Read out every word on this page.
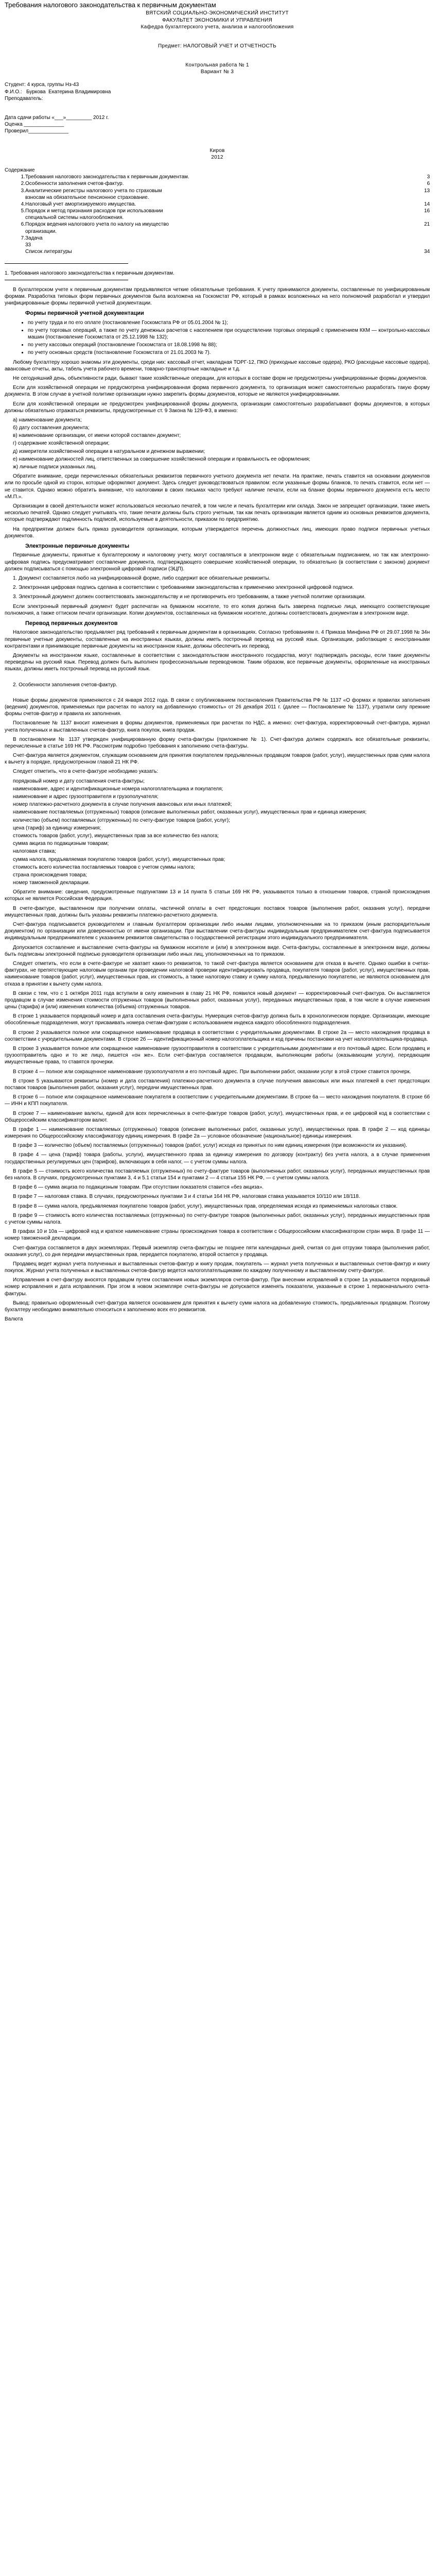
Требования налогового законодательства к первичным документам

ВЯТСКИЙ СОЦИАЛЬНО-ЭКОНОМИЧЕСКИЙ ИНСТИТУТ

ФАКУЛЬТЕТ ЭКОНОМИКИ И УПРАВЛЕНИЯ

Кафедра бухгалтерского учета, анализа и налогообложения

Предмет: НАЛОГОВЫЙ УЧЕТ И ОТЧЕТНОСТЬ

Контрольная работа № 1

Вариант № 3

Студент: 4 курса, группы Нз-43

Ф.И.О.:   Буркова  Екатерина Владимировна

Преподаватель:

Дата сдачи работы «___»_________ 2012 г.

Оценка ______________

Проверил______________

Киров

2012

Содержание

1. Требования налогового законодательства к первичным документам.	3
2. Особенности заполнения счетов-фактур.	6
3. Аналитические регистры налогового учета по страховым	13
взносам на обязательное пенсионное страхование.
4. Налоговый учет амортизируемого имущества.	14
5. Порядок и метод признания расходов при использовании	16
специальной системы налогообложения.
6. Порядок ведения налогового учета по налогу на имущество	21
организации.
7. Задача
33
Список литературы	34

1. Требования налогового законодательства к первичным документам.

В бухгалтерском учете к первичным документам предъявляются четкие обязательные требования. К учету принимаются документы, составленные по унифицированным формам. Разработка типовых форм первичных документов была возложена на Госкомстат РФ, который в рамках возложенных на него полномочий разработал и утвердил унифицированные формы первичной учетной документации.

Формы первичной учетной документации
• по учету труда и по его оплате (постановление Госкомстата РФ от 05.01.2004 № 1);
• по учету торговых операций, а также по учету денежных расчетов с населением при осуществлении торговых операций с применением ККМ — контрольно-кассовых машин (постановление Госкомстата от 25.12.1998 № 132);
• по учету кассовых операций (постановление Госкомстата от 18.08.1998 № 88);
• по учету основных средств (постановление Госкомстата от 21.01.2003 № 7).

Любому бухгалтеру хорошо знакомы эти документы, среди них: кассовый отчет, накладная ТОРГ-12, ПКО (приходные кассовые ордера), РКО (расходные кассовые ордера), авансовые отчеты, акты, табель учета рабочего времени, товарно-транспортные накладные и т.д.

Не сегодняшний день, объективности ради, бывают такие хозяйственные операции, для которых в составе форм не предусмотрены унифицированные формы документов.

Если для хозяйственной операции не предусмотрена унифицированная форма первичного документа, то организация может самостоятельно разработать такую форму документа. В этом случае в учетной политике организации нужно закрепить формы документов, которые не являются унифицированными.

Если для хозяйственной операции не предусмотрен унифицированной формы документа, организации самостоятельно разрабатывают формы документов, в которых должны обязательно отражаться реквизиты, предусмотренные ст. 9 Закона № 129-ФЗ, в именно:

а) наименование документа;
б) дату составления документа;
в) наименование организации, от имени которой составлен документ;
г) содержание хозяйственной операции;
д) измерители хозяйственной операции в натуральном и денежном выражении;
е) наименование должностей лиц, ответственных за совершение хозяйственной операции и правильность ее оформления;
ж) личные подписи указанных лиц.

Обратите внимание, среди перечисленных обязательных реквизитов первичного учетного документа нет печати. На практике, печать ставится на основании документов или по просьбе одной из сторон, которые оформляют документ. Здесь следует руководствоваться правилом: если указанные формы бланков, то печать ставится, если нет — не ставится. Однако можно обратить внимание, что налоговики в своих письмах часто требуют наличие печати, если на бланке формы первичного документа есть место «М.П.».

Организации в своей деятельности может использоваться несколько печатей, в том числе и печать бухгалтерии или склада. Закон не запрещает организации, также иметь несколько печатей. Однако следует учитывать что, такие печати должны быть строго учетным, так как печать организации является одним из основных реквизитов документа, которые подтверждают подлинность подписей, используемые в деятельности, приказом по предприятию.

На предприятии должен быть приказ руководителя организации, которым утверждается перечень должностных лиц, имеющих право подписи первичных учетных документов.

Электронные первичные документы

Первичные документы, принятые к бухгалтерскому и налоговому учету, могут составляться в электронном виде с обязательным подписанием, но так как электронно-цифровая подпись предусматривает составление документа, подтверждающего совершение хозяйственной операции, то обязательно (в соответствии с законом) документ должен подписываться с помощью электронной цифровой подписи (ЭЦП).

1. Документ составляется любо на унифицированной форме, либо содержит все обязательные реквизиты.

2. Электронная цифровая подпись сделана в соответствии с требованиями законодательства к применению электронной цифровой подписи.

3. Электронный документ должен соответствовать законодательству и не противоречить его требованиям, а также учетной политике организации.

Если электронный первичный документ будет распечатан на бумажном носителе, то его копия должна быть заверена подписью лица, имеющего соответствующие полномочия, а также оттиском печати организации. Копии документов, составленных на бумажном носителе, должны соответствовать документам в электронном виде.

Перевод первичных документов

Налоговое законодательство предъявляет ряд требований к первичным документам в организациях. Согласно требованиям п. 4 Приказа Минфина РФ от 29.07.1998 № 34н первичные учетные документы, составленные на иностранных языках, должны иметь построчный перевод на русский язык. Организации, работающие с иностранными контрагентами и принимающие первичные документы на иностранном языке, должны обеспечить их перевод.

Документы на иностранном языке, составленные в соответствии с законодательством иностранного государства, могут подтверждать расходы, если такие документы переведены на русский язык. Перевод должен быть выполнен профессиональным переводчиком. Таким образом, все первичные документы, оформленные на иностранных языках, должны иметь построчный перевод на русский язык.

2. Особенности заполнения счетов-фактур.

Новые формы документов применяются с 24 января 2012 года. В связи с опубликованием постановления Правительства РФ № 1137 «О формах и правилах заполнения (ведения) документов, применяемых при расчетах по налогу на добавленную стоимость» от 26 декабря 2011 г. (далее — Постановление № 1137), утратили силу прежние формы счетов-фактур и правила их заполнения.

Постановление № 1137 вносит изменения в формы документов, применяемых при расчетах по НДС, а именно: счет-фактура, корректировочный счет-фактура, журнал учета полученных и выставленных счетов-фактур, книга покупок, книга продаж.

В постановлении № 1137 утвержден унифицированную форму счета-фактуры (приложение № 1). Счет-фактура должен содержать все обязательные реквизиты, перечисленные в статье 169 НК РФ. Рассмотрим подробно требования к заполнению счета-фактуры.

Счет-фактура является документом, служащим основанием для принятия покупателем предъявленных продавцом товаров (работ, услуг), имущественных прав сумм налога к вычету в порядке, предусмотренном главой 21 НК РФ.

Следует отметить, что в счете-фактуре необходимо указать:

порядковый номер и дату составления счета-фактуры;
наименование, адрес и идентификационные номера налогоплательщика и покупателя;
наименование и адрес грузоотправителя и грузополучателя;
номер платежно-расчетного документа в случае получения авансовых или иных платежей;
наименование поставляемых (отгруженных) товаров (описание выполненных работ, оказанных услуг), имущественных прав и единица измерения;
количество (объем) поставляемых (отгруженных) по счету-фактуре товаров (работ, услуг);
цена (тариф) за единицу измерения;
стоимость товаров (работ, услуг), имущественных прав за все количество без налога;
сумма акциза по подакцизным товарам;
налоговая ставка;
сумма налога, предъявляемая покупателю товаров (работ, услуг), имущественных прав;
стоимость всего количества поставляемых товаров с учетом суммы налога;
страна происхождения товара;
номер таможенной декларации.

Обратите внимание: сведения, предусмотренные подпунктами 13 и 14 пункта 5 статьи 169 НК РФ, указываются только в отношении товаров, страной происхождения которых не является Российская Федерация.

В счете-фактуре, выставленном при получении оплаты, частичной оплаты в счет предстоящих поставок товаров (выполнения работ, оказания услуг), передачи имущественных прав, должны быть указаны реквизиты платежно-расчетного документа.

Счет-фактура подписывается руководителем и главным бухгалтером организации либо иными лицами, уполномоченными на то приказом (иным распорядительным документом) по организации или доверенностью от имени организации. При выставлении счета-фактуры индивидуальным предпринимателем счет-фактура подписывается индивидуальным предпринимателем с указанием реквизитов свидетельства о государственной регистрации этого индивидуального предпринимателя.

Допускается составление и выставление счета-фактуры на бумажном носителе и (или) в электронном виде. Счета-фактуры, составленные в электронном виде, должны быть подписаны электронной подписью руководителя организации либо иных лиц, уполномоченных на то приказом.

Следует отметить, что если в счете-фактуре не хватает каких-то реквизитов, то такой счет-фактура является основанием для отказа в вычете. Однако ошибки в счетах-фактурах, не препятствующие налоговым органам при проведении налоговой проверки идентифицировать продавца, покупателя товаров (работ, услуг), имущественных прав, наименование товаров (работ, услуг), имущественных прав, их стоимость, а также налоговую ставку и сумму налога, предъявленную покупателю, не являются основанием для отказа в принятии к вычету сумм налога.

В связи с тем, что с 1 октября 2011 года вступили в силу изменения в главу 21 НК РФ, появился новый документ — корректировочный счет-фактура. Он выставляется продавцом в случае изменения стоимости отгруженных товаров (выполненных работ, оказанных услуг), переданных имущественных прав, в том числе в случае изменения цены (тарифа) и (или) изменения количества (объема) отгруженных товаров.

В строке 1 указывается порядковый номер и дата составления счета-фактуры. Нумерация счетов-фактур должна быть в хронологическом порядке. Организации, имеющие обособленные подразделения, могут присваивать номера счетам-фактурам с использованием индекса каждого обособленного подразделения.

В строке 2 указывается полное или сокращенное наименование продавца в соответствии с учредительными документами. В строке 2а — место нахождения продавца в соответствии с учредительными документами. В строке 2б — идентификационный номер налогоплательщика и код причины постановки на учет налогоплательщика-продавца.

В строке 3 указывается полное или сокращенное наименование грузоотправителя в соответствии с учредительными документами и его почтовый адрес. Если продавец и грузоотправитель одно и то же лицо, пишется «он же». Если счет-фактура составляется продавцом, выполняющим работы (оказывающим услуги), передающим имущественные права, то ставятся прочерки.

В строке 4 — полное или сокращенное наименование грузополучателя и его почтовый адрес. При выполнении работ, оказании услуг в этой строке ставится прочерк.

В строке 5 указываются реквизиты (номер и дата составления) платежно-расчетного документа в случае получения авансовых или иных платежей в счет предстоящих поставок товаров (выполнения работ, оказания услуг), передачи имущественных прав.

В строке 6 — полное или сокращенное наименование покупателя в соответствии с учредительными документами. В строке 6а — место нахождения покупателя. В строке 6б — ИНН и КПП покупателя.

В строке 7 — наименование валюты, единой для всех перечисленных в счете-фактуре товаров (работ, услуг), имущественных прав, и ее цифровой код в соответствии с Общероссийским классификатором валют.

В графе 1 — наименование поставляемых (отгруженных) товаров (описание выполненных работ, оказанных услуг), имущественных прав. В графе 2 — код единицы измерения по Общероссийскому классификатору единиц измерения. В графе 2а — условное обозначение (национальное) единицы измерения.

В графе 3 — количество (объем) поставляемых (отгруженных) товаров (работ, услуг) исходя из принятых по ним единиц измерения (при возможности их указания).

В графе 4 — цена (тариф) товара (работы, услуги), имущественного права за единицу измерения по договору (контракту) без учета налога, а в случае применения государственных регулируемых цен (тарифов), включающих в себя налог, — с учетом суммы налога.

В графе 5 — стоимость всего количества поставляемых (отгруженных) по счету-фактуре товаров (выполненных работ, оказанных услуг), переданных имущественных прав без налога. В случаях, предусмотренных пунктами 3, 4 и 5.1 статьи 154 и пунктами 2 — 4 статьи 155 НК РФ, — с учетом суммы налога.

В графе 6 — сумма акциза по подакцизным товарам. При отсутствии показателя ставится «без акциза».

В графе 7 — налоговая ставка. В случаях, предусмотренных пунктами 3 и 4 статьи 164 НК РФ, налоговая ставка указывается 10/110 или 18/118.

В графе 8 — сумма налога, предъявляемая покупателю товаров (работ, услуг), имущественных прав, определяемая исходя из применяемых налоговых ставок.

В графе 9 — стоимость всего количества поставляемых (отгруженных) по счету-фактуре товаров (выполненных работ, оказанных услуг), переданных имущественных прав с учетом суммы налога.

В графах 10 и 10а — цифровой код и краткое наименование страны происхождения товара в соответствии с Общероссийским классификатором стран мира. В графе 11 — номер таможенной декларации.

Счет-фактура составляется в двух экземплярах. Первый экземпляр счета-фактуры не позднее пяти календарных дней, считая со дня отгрузки товара (выполнения работ, оказания услуг), со дня передачи имущественных прав, передается покупателю, второй остается у продавца.

Продавец ведет журнал учета полученных и выставленных счетов-фактур и книгу продаж, покупатель — журнал учета полученных и выставленных счетов-фактур и книгу покупок. Журнал учета полученных и выставленных счетов-фактур ведется налогоплательщиками по каждому полученному и выставленному счету-фактуре.

Исправления в счет-фактуру вносятся продавцом путем составления новых экземпляров счетов-фактур. При внесении исправлений в строке 1а указывается порядковый номер исправления и дата исправления. При этом в новом экземпляре счета-фактуры не допускается изменять показатели, указанные в строке 1 первоначального счета-фактуры.

Вывод: правильно оформленный счет-фактура является основанием для принятия к вычету сумм налога на добавленную стоимость, предъявленных продавцом. Поэтому бухгалтеру необходимо внимательно относиться к заполнению всех его реквизитов.

Валюта
